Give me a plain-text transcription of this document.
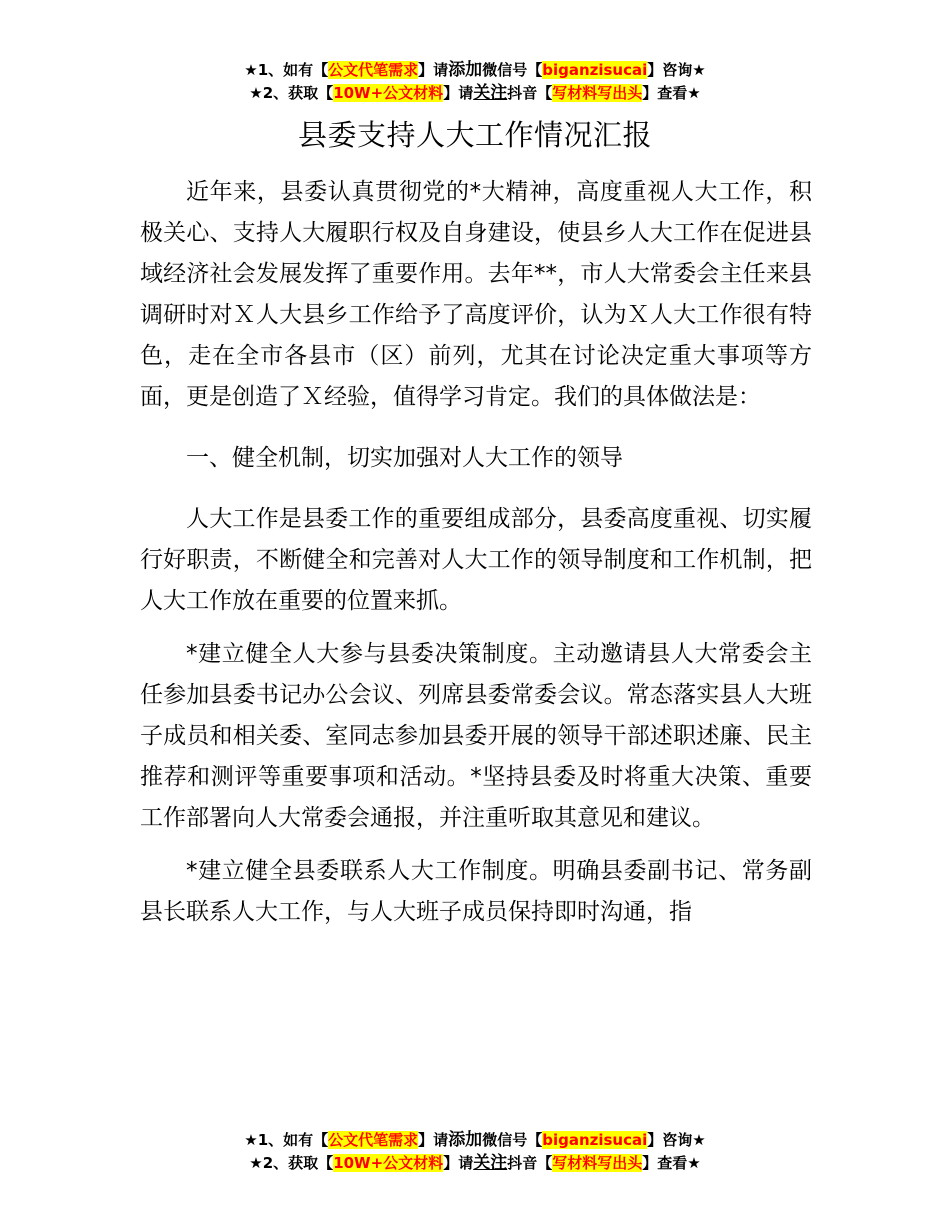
★1、如有【公文代笔需求】请添加微信号【biganzisucai】咨询★
★2、获取【10W+公文材料】请关注抖音【写材料写出头】查看★
县委支持人大工作情况汇报

近年来，县委认真贯彻党的*大精神，高度重视人大工作，积极关心、支持人大履职行权及自身建设，使县乡人大工作在促进县域经济社会发展发挥了重要作用。去年**，市人大常委会主任来县调研时对Ｘ人大县乡工作给予了高度评价，认为Ｘ人大工作很有特色，走在全市各县市（区）前列，尤其在讨论决定重大事项等方面，更是创造了Ｘ经验，值得学习肯定。我们的具体做法是：

一、健全机制，切实加强对人大工作的领导

人大工作是县委工作的重要组成部分，县委高度重视、切实履行好职责，不断健全和完善对人大工作的领导制度和工作机制，把人大工作放在重要的位置来抓。

*建立健全人大参与县委决策制度。主动邀请县人大常委会主任参加县委书记办公会议、列席县委常委会议。常态落实县人大班子成员和相关委、室同志参加县委开展的领导干部述职述廉、民主推荐和测评等重要事项和活动。*坚持县委及时将重大决策、重要工作部署向人大常委会通报，并注重听取其意见和建议。

*建立健全县委联系人大工作制度。明确县委副书记、常务副县长联系人大工作，与人大班子成员保持即时沟通，指

★1、如有【公文代笔需求】请添加微信号【biganzisucai】咨询★
★2、获取【10W+公文材料】请关注抖音【写材料写出头】查看★
